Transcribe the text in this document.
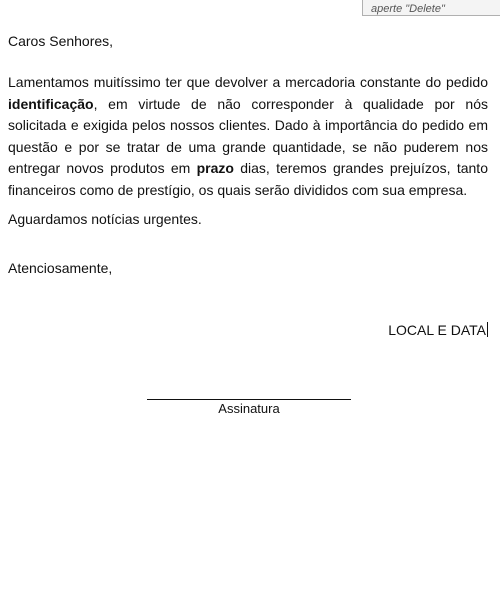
aperte "Delete"
Caros Senhores,
Lamentamos muitíssimo ter que devolver a mercadoria constante do pedido identificação, em virtude de não corresponder à qualidade por nós solicitada e exigida pelos nossos clientes. Dado à importância do pedido em questão e por se tratar de uma grande quantidade, se não puderem nos entregar novos produtos em prazo dias, teremos grandes prejuízos, tanto financeiros como de prestígio, os quais serão divididos com sua empresa.
Aguardamos notícias urgentes.
Atenciosamente,
LOCAL E DATA
Assinatura
